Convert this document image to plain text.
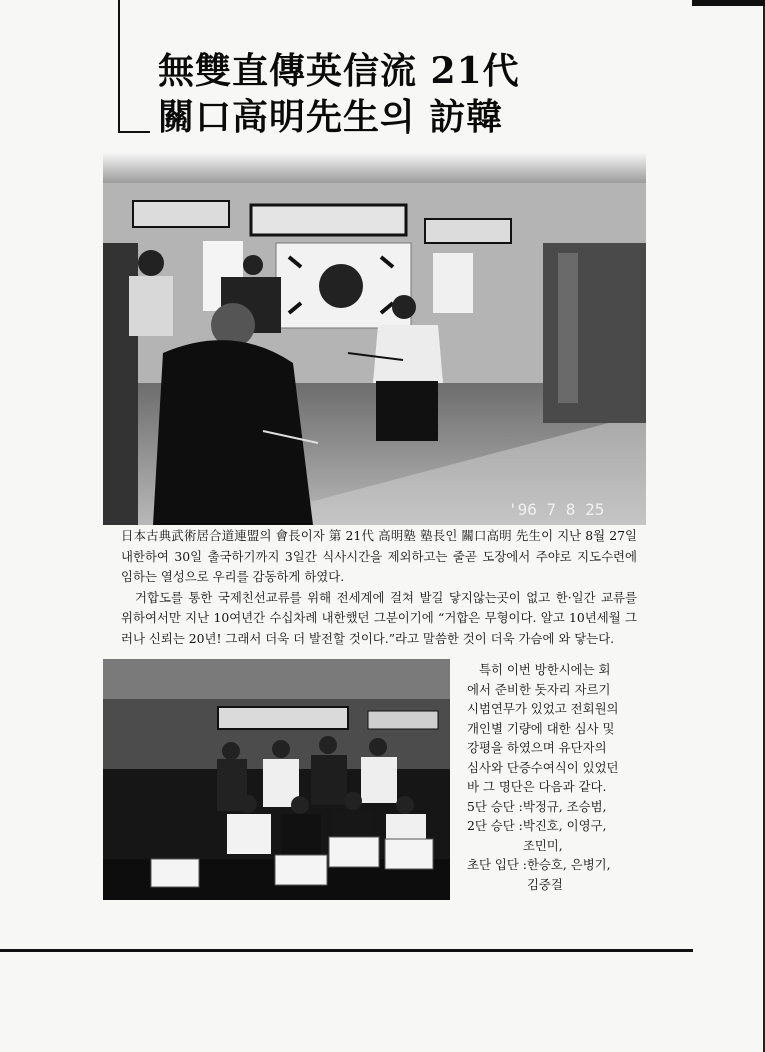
無雙直傳英信流 21代
關口高明先生의 訪韓
'96 7 8 25

日本古典武術居合道連盟의 會長이자 第 21代 高明塾 塾長인 關口高明 先生이 지난 8월 27일 내한하여 30일 출국하기까지 3일간 식사시간을 제외하고는 줄곧 도장에서 주야로 지도수련에 임하는 열성으로 우리를 감동하게 하였다.

거합도를 통한 국제친선교류를 위해 전세계에 걸쳐 발길 닿지않는곳이 없고 한·일간 교류를 위하여서만 지난 10여년간 수십차례 내한했던 그분이기에 “거합은 무형이다. 알고 10년세월 그러나 신뢰는 20년! 그래서 더욱 더 발전할 것이다.”라고 말씀한 것이 더욱 가슴에 와 닿는다.

특히 이번 방한시에는 회에서 준비한 돗자리 자르기 시범연무가 있었고 전회원의 개인별 기량에 대한 심사 및 강평을 하였으며 유단자의 심사와 단증수여식이 있었던 바 그 명단은 다음과 같다.

5단 승단 : 박정규, 조승범,
2단 승단 : 박진호, 이영구, 조민미,
초단 입단 : 한승호, 은병기, 김중걸
